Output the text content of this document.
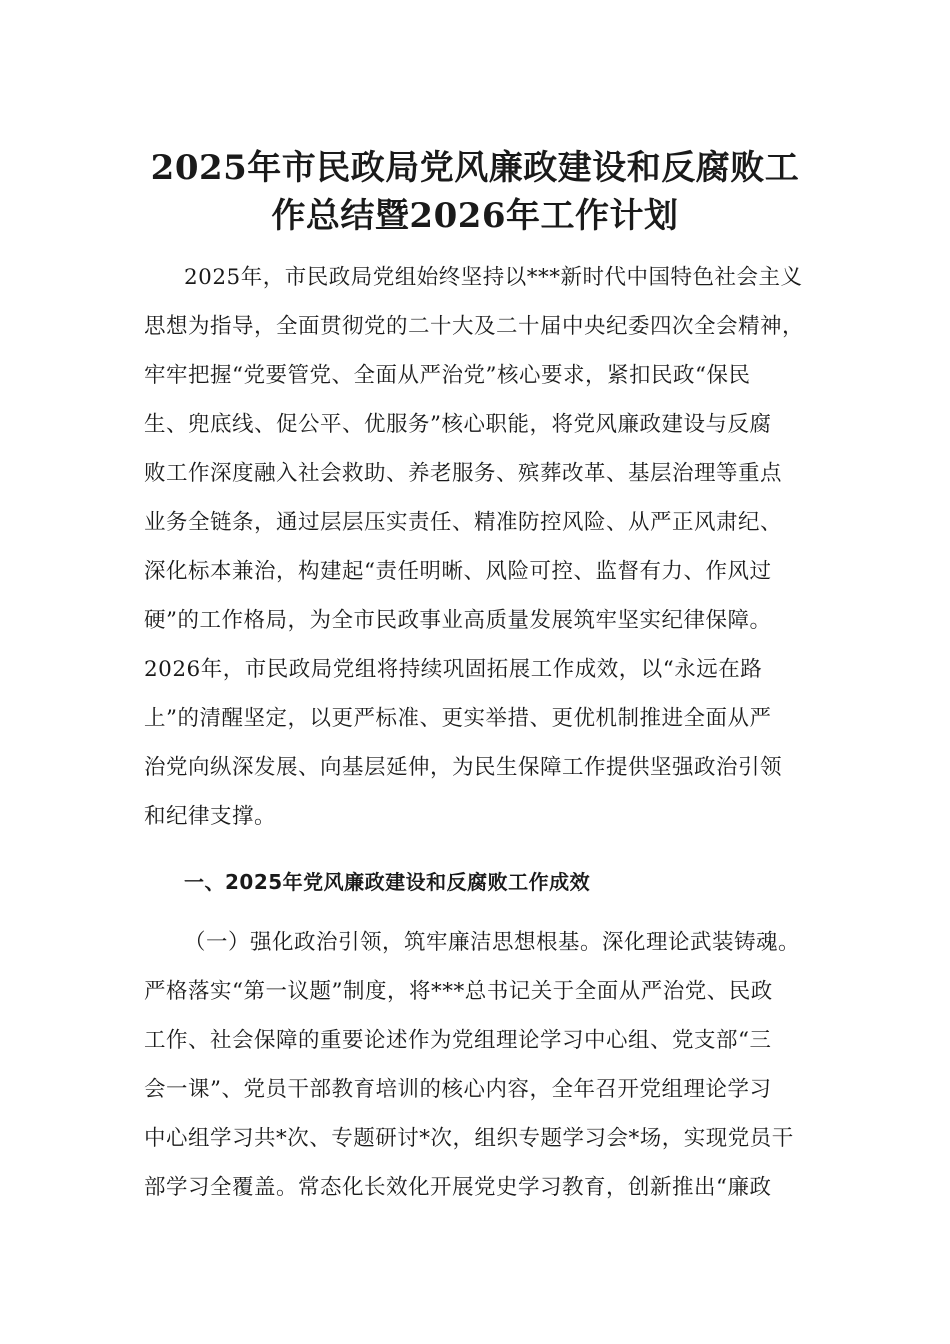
2025年市民政局党风廉政建设和反腐败工
作总结暨2026年工作计划
2025年，市民政局党组始终坚持以***新时代中国特色社会主义
思想为指导，全面贯彻党的二十大及二十届中央纪委四次全会精神，
牢牢把握“党要管党、全面从严治党”核心要求，紧扣民政“保民
生、兜底线、促公平、优服务”核心职能，将党风廉政建设与反腐
败工作深度融入社会救助、养老服务、殡葬改革、基层治理等重点
业务全链条，通过层层压实责任、精准防控风险、从严正风肃纪、
深化标本兼治，构建起“责任明晰、风险可控、监督有力、作风过
硬”的工作格局，为全市民政事业高质量发展筑牢坚实纪律保障。
2026年，市民政局党组将持续巩固拓展工作成效，以“永远在路
上”的清醒坚定，以更严标准、更实举措、更优机制推进全面从严
治党向纵深发展、向基层延伸，为民生保障工作提供坚强政治引领
和纪律支撑。
一、2025年党风廉政建设和反腐败工作成效
（一）强化政治引领，筑牢廉洁思想根基。深化理论武装铸魂。
严格落实“第一议题”制度，将***总书记关于全面从严治党、民政
工作、社会保障的重要论述作为党组理论学习中心组、党支部“三
会一课”、党员干部教育培训的核心内容，全年召开党组理论学习
中心组学习共*次、专题研讨*次，组织专题学习会*场，实现党员干
部学习全覆盖。常态化长效化开展党史学习教育，创新推出“廉政
